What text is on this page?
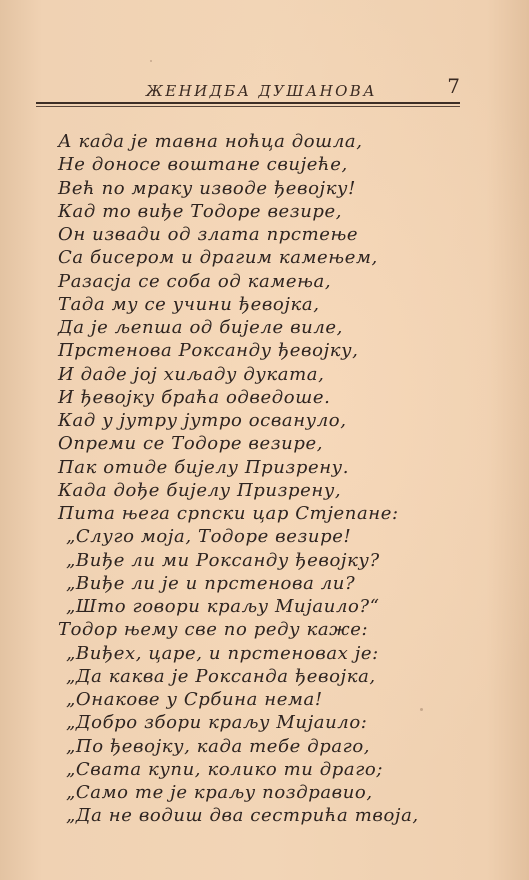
ЖЕНИДБА ДУШАНОВА	7
А када је тавна ноћца дошла,
Не доносе воштане свијеће,
Већ по мраку изводе ђевојку!
Кад то виђе Тодоре везире,
Он извади од злата прстење
Са бисером и драгим камењем,
Разасја се соба од камења,
Тада му се учини ђевојка,
Да је љепша од бијеле виле,
Прстенова Роксанду ђевојку,
И даде јој хиљаду дуката,
И ђевојку браћа одведоше.
Кад у јутру јутро освануло,
Опреми се Тодоре везире,
Пак отиде бијелу Призрену.
Када дође бијелу Призрену,
Пита њега српски цар Стјепане:
„Слуго моја, Тодоре везире!
„Виђе ли ми Роксанду ђевојку?
„Виђе ли је и прстенова ли?
„Што говори краљу Мијаило?“
Тодор њему све по реду каже:
„Виђех, царе, и прстеновах је:
„Да каква је Роксанда ђевојка,
„Онакове у Србина нема!
„Добро збори краљу Мијаило:
„По ђевојку, када тебе драго,
„Свата купи, колико ти драго;
„Само те је краљу поздравио,
„Да не водиш два сестрића твоја,
